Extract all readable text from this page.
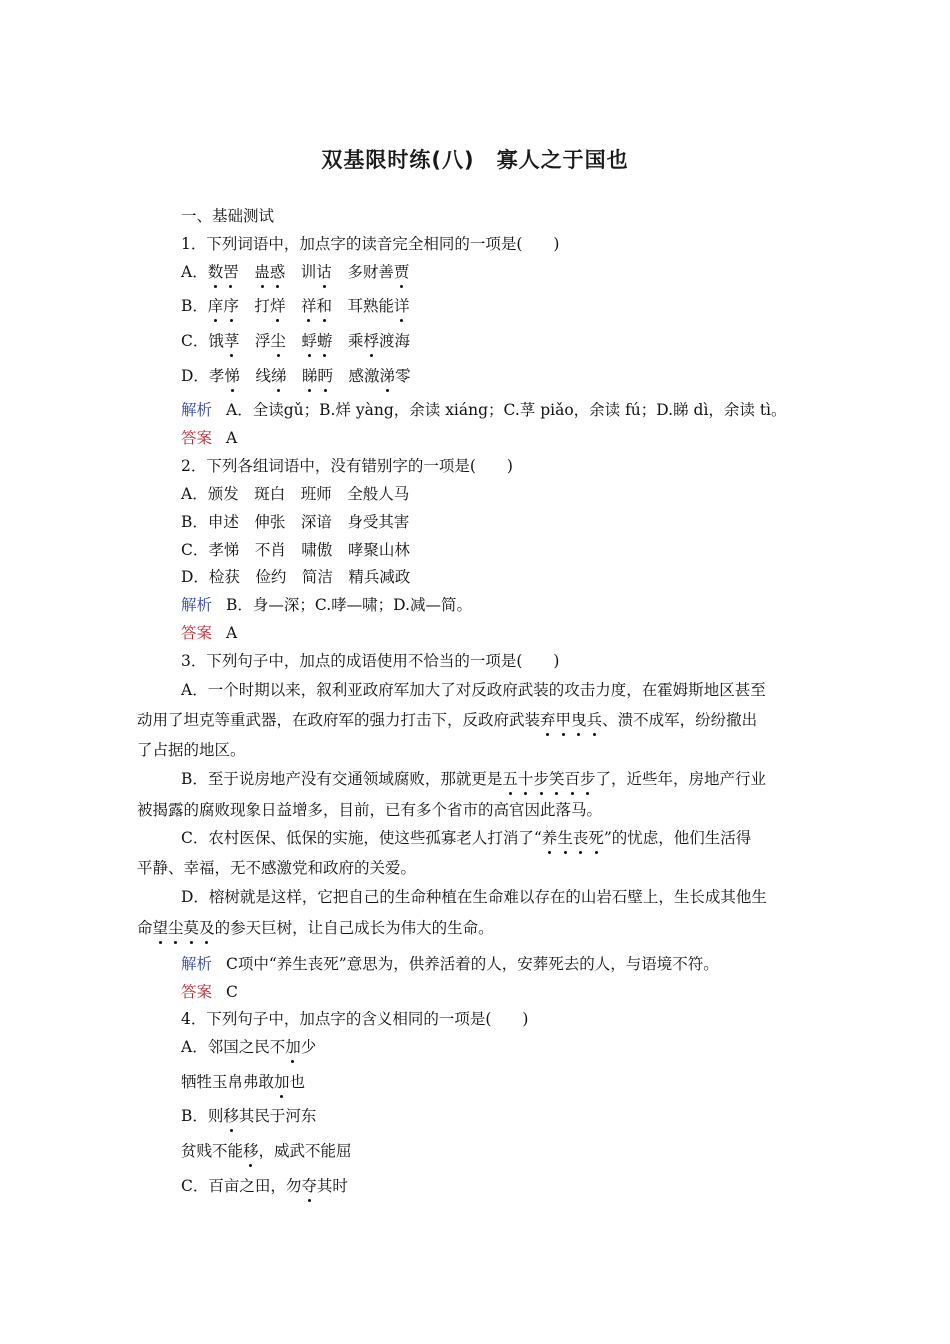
双基限时练(八)　寡人之于国也
一、基础测试
1．下列词语中，加点字的读音完全相同的一项是(　　)
A．数罟　 蛊惑　训诂　多财善贾
B．庠序　打烊　 祥和　耳熟能详
C．饿莩　浮尘　 蜉蝣　乘桴渡海
D．孝悌　线绨　 睇眄　感激涕零
解析 A．全读gǔ；B.烊 yàng，余读 xiáng；C.莩 piǎo，余读 fú；D.睇 dì，余读 tì。
答案 A
2．下列各组词语中，没有错别字的一项是(　　)
A．颁发　斑白　班师　全般人马
B．申述　伸张　深谙　身受其害
C．孝悌　不肖　啸傲　哮聚山林
D．检获　俭约　简洁　精兵减政
解析 B．身—深；C.哮—啸；D.减—简。
答案 A
3．下列句子中，加点的成语使用不恰当的一项是(　　)
A．一个时期以来，叙利亚政府军加大了对反政府武装的攻击力度，在霍姆斯地区甚至
动用了坦克等重武器，在政府军的强力打击下，反政府武装弃甲曳兵、溃不成军，纷纷撤出
了占据的地区。
B．至于说房地产没有交通领域腐败，那就更是五十步笑百步了，近些年，房地产行业
被揭露的腐败现象日益增多，目前，已有多个省市的高官因此落马。
C．农村医保、低保的实施，使这些孤寡老人打消了“养生丧死”的忧虑，他们生活得
平静、幸福，无不感激党和政府的关爱。
D．榕树就是这样，它把自己的生命种植在生命难以存在的山岩石壁上，生长成其他生
命望尘莫及的参天巨树，让自己成长为伟大的生命。
解析 C项中“养生丧死”意思为，供养活着的人，安葬死去的人，与语境不符。
答案 C
4．下列句子中，加点字的含义相同的一项是(　　)
A．邻国之民不加少
牺牲玉帛弗敢加也
B．则移其民于河东
贫贱不能移，威武不能屈
C．百亩之田，勿夺其时
